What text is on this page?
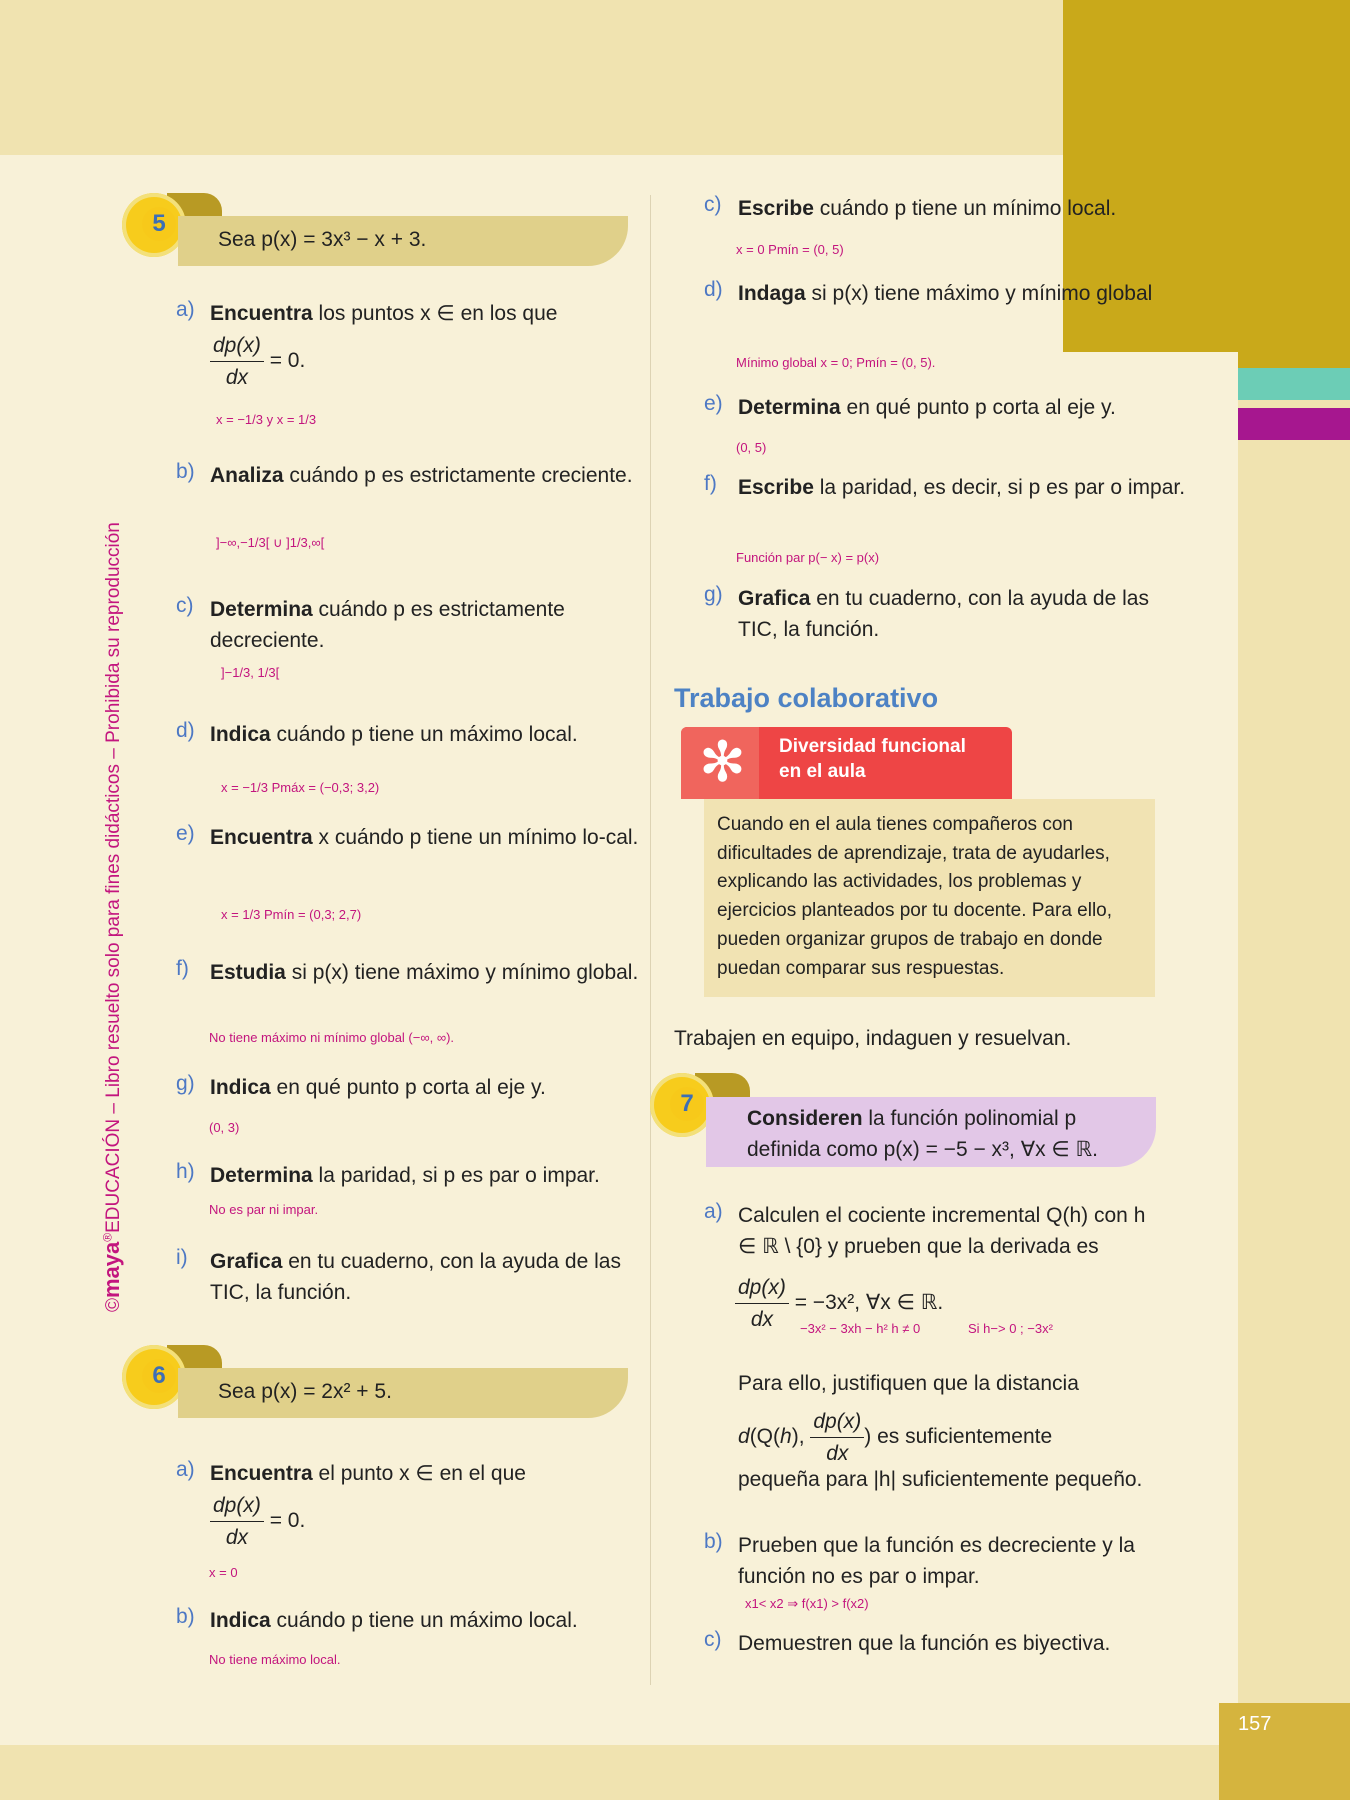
157
©maya®EDUCACIÓN – Libro resuelto solo para fines didácticos – Prohibida su reproducción
5
Sea p(x) = 3x³ − x + 3.
a) Encuentra los puntos x ∈ en los que
$\frac{dp(x)}{dx} = 0$.
x = −1/3 y x = 1/3
b) Analiza cuándo p es estrictamente creciente.
]−∞,−1/3[ ∪ ]1/3,∞[
c) Determina cuándo p es estrictamente decreciente.
]−1/3, 1/3[
d) Indica cuándo p tiene un máximo local.
x = −1/3 Pmáx = (−0,3; 3,2)
e) Encuentra x cuándo p tiene un mínimo lo-cal.
x = 1/3 Pmín = (0,3; 2,7)
f) Estudia si p(x) tiene máximo y mínimo global.
No tiene máximo ni mínimo global (−∞, ∞).
g) Indica en qué punto p corta al eje y.
(0, 3)
h) Determina la paridad, si p es par o impar.
No es par ni impar.
i) Grafica en tu cuaderno, con la ayuda de las TIC, la función.
c) Escribe cuándo p tiene un mínimo local.
x = 0 Pmín = (0, 5)
d) Indaga si p(x) tiene máximo y mínimo global
Mínimo global x = 0; Pmín = (0, 5).
e) Determina en qué punto p corta al eje y.
(0, 5)
f) Escribe la paridad, es decir, si p es par o impar.
Función par p(− x) = p(x)
g) Grafica en tu cuaderno, con la ayuda de las TIC, la función.
6
Sea p(x) = 2x² + 5.
a) Encuentra el punto x ∈ en el que
$\frac{dp(x)}{dx} = 0$.
x = 0
b) Indica cuándo p tiene un máximo local.
No tiene máximo local.
Trabajo colaborativo
✻ Diversidad funcional
en el aula
Cuando en el aula tienes compañeros con dificultades de aprendizaje, trata de ayudarles, explicando las actividades, los problemas y ejercicios planteados por tu docente. Para ello, pueden organizar grupos de trabajo en donde puedan comparar sus respuestas.
Trabajen en equipo, indaguen y resuelvan.
7
Consideren la función polinomial p definida como p(x) = −5 − x³, ∀x ∈ ℝ.
a) Calculen el cociente incremental Q(h) con h ∈ ℝ \ {0} y prueben que la derivada es
$\frac{dp(x)}{dx} = -3x^2$, ∀x ∈ ℝ.
−3x² − 3xh − h² h ≠ 0	Si h−> 0 ; −3x²
Para ello, justifiquen que la distancia
d(Q(h), $\frac{dp(x)}{dx}$ ) es suficientemente
pequeña para |h| suficientemente pequeño.
b) Prueben que la función es decreciente y la función no es par o impar.
x1< x2 ⇒ f(x1) > f(x2)
c) Demuestren que la función es biyectiva.
